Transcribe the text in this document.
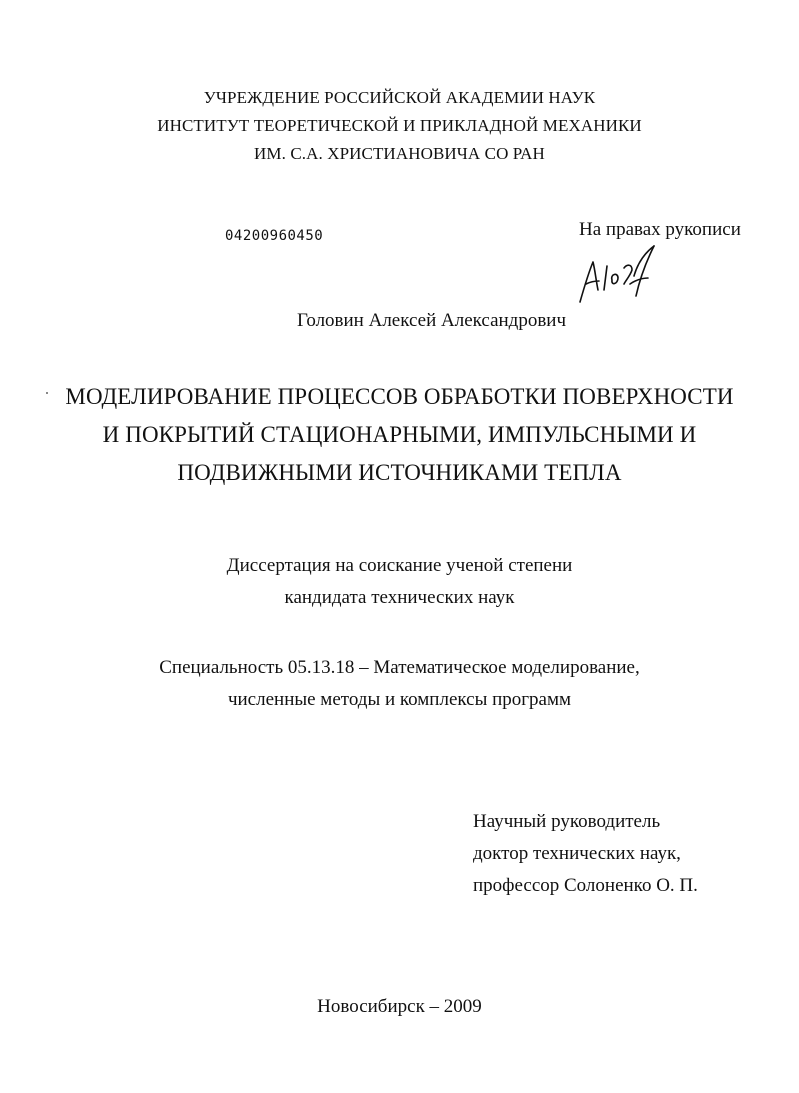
УЧРЕЖДЕНИЕ РОССИЙСКОЙ АКАДЕМИИ НАУК
ИНСТИТУТ ТЕОРЕТИЧЕСКОЙ И ПРИКЛАДНОЙ МЕХАНИКИ
ИМ. С.А. ХРИСТИАНОВИЧА СО РАН
04200960450	На правах рукописи
Головин Алексей Александрович
МОДЕЛИРОВАНИЕ ПРОЦЕССОВ ОБРАБОТКИ ПОВЕРХНОСТИ
И ПОКРЫТИЙ СТАЦИОНАРНЫМИ, ИМПУЛЬСНЫМИ И
ПОДВИЖНЫМИ ИСТОЧНИКАМИ ТЕПЛА
Диссертация на соискание ученой степени
кандидата технических наук
Специальность 05.13.18 – Математическое моделирование,
численные методы и комплексы программ
Научный руководитель
доктор технических наук,
профессор Солоненко О. П.
Новосибирск – 2009
